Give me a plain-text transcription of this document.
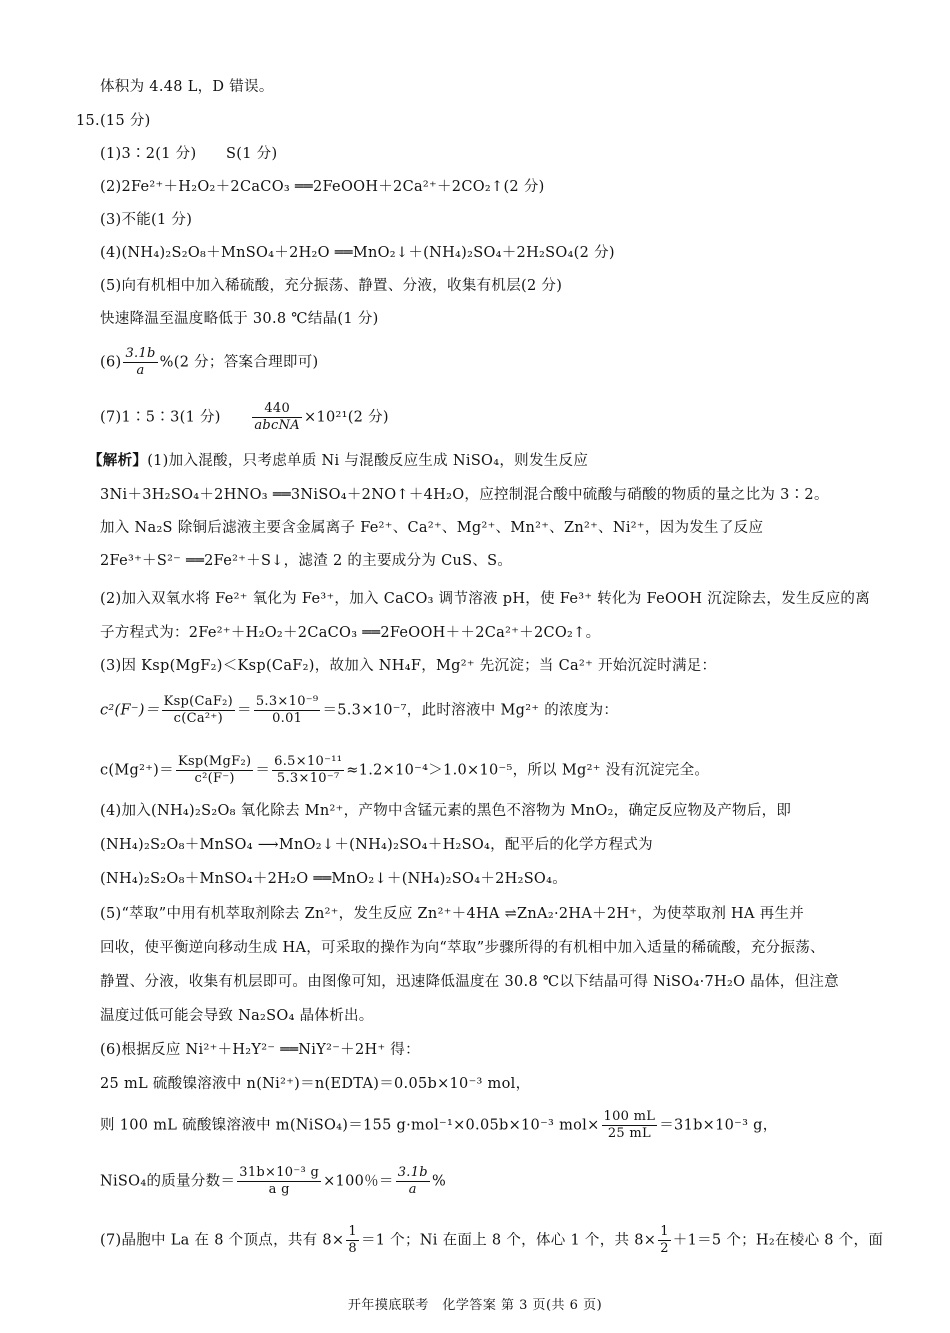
体积为 4.48 L，D 错误。
15.(15 分)
(1)3∶2(1 分)　　S(1 分)
(2)2Fe²⁺＋H₂O₂＋2CaCO₃ ══2FeOOH＋2Ca²⁺＋2CO₂↑(2 分)
(3)不能(1 分)
(4)(NH₄)₂S₂O₈＋MnSO₄＋2H₂O ══MnO₂↓＋(NH₄)₂SO₄＋2H₂SO₄(2 分)
(5)向有机相中加入稀硫酸，充分振荡、静置、分液，收集有机层(2 分)
快速降温至温度略低于 30.8 ℃结晶(1 分)
$(6) \frac{3.1b}{a} \%(2$ 分；答案合理即可)
(7)1∶5∶3(1 分)　　 $\frac{440}{\text{abcNA}} \times 10^{21}(2$ 分)
【解析】(1)加入混酸，只考虑单质 Ni 与混酸反应生成 NiSO₄，则发生反应
3Ni＋3H₂SO₄＋2HNO₃ ══3NiSO₄＋2NO↑＋4H₂O，应控制混合酸中硫酸与硝酸的物质的量之比为 3∶2。
加入 Na₂S 除铜后滤液主要含金属离子 Fe²⁺、Ca²⁺、Mg²⁺、Mn²⁺、Zn²⁺、Ni²⁺，因为发生了反应
2Fe³⁺＋S²⁻ ══2Fe²⁺＋S↓，滤渣 2 的主要成分为 CuS、S。
(2)加入双氧水将 Fe²⁺ 氧化为 Fe³⁺，加入 CaCO₃ 调节溶液 pH，使 Fe³⁺ 转化为 FeOOH 沉淀除去，发生反应的离
子方程式为：2Fe²⁺＋H₂O₂＋2CaCO₃ ══2FeOOH＋＋2Ca²⁺＋2CO₂↑。
(3)因 Ksp(MgF₂)＜Ksp(CaF₂)，故加入 NH₄F，Mg²⁺ 先沉淀；当 Ca²⁺ 开始沉淀时满足：
$c^2(F^-)= \frac{\text{Ksp(CaF₂)}}{\text{c(Ca²⁺)}} = \frac{\text{5.3×10⁻⁹}}{0.01} =5.3\times 10^{-7}$，此时溶液中 Mg²⁺ 的浓度为：
$c(Mg^{2+})= \frac{\text{Ksp(MgF₂)}}{\text{c²(F⁻)}} = \frac{\text{6.5×10⁻¹¹}}{\text{5.3×10⁻⁷}} \approx 1.2\times 10^{-4}>1.0\times 10^{-5}$，所以 Mg²⁺ 没有沉淀完全。
(4)加入(NH₄)₂S₂O₈ 氧化除去 Mn²⁺，产物中含锰元素的黑色不溶物为 MnO₂，确定反应物及产物后，即
(NH₄)₂S₂O₈＋MnSO₄ ⟶MnO₂↓＋(NH₄)₂SO₄＋H₂SO₄，配平后的化学方程式为
(NH₄)₂S₂O₈＋MnSO₄＋2H₂O ══MnO₂↓＋(NH₄)₂SO₄＋2H₂SO₄。
(5)“萃取”中用有机萃取剂除去 Zn²⁺，发生反应 Zn²⁺＋4HA ⇌ZnA₂·2HA＋2H⁺，为使萃取剂 HA 再生并
回收，使平衡逆向移动生成 HA，可采取的操作为向“萃取”步骤所得的有机相中加入适量的稀硫酸，充分振荡、
静置、分液，收集有机层即可。由图像可知，迅速降低温度在 30.8 ℃以下结晶可得 NiSO₄·7H₂O 晶体，但注意
温度过低可能会导致 Na₂SO₄ 晶体析出。
(6)根据反应 Ni²⁺＋H₂Y²⁻ ══NiY²⁻＋2H⁺ 得：
25 mL 硫酸镍溶液中 n(Ni²⁺)＝n(EDTA)＝0.05b×10⁻³ mol，
则 100 mL 硫酸镍溶液中 m(NiSO₄)＝155 g·mol⁻¹×0.05b×10⁻³ $mol\times \frac{100 mL}{25 mL} =31b\times 10^{-3}$ g，
NiSO₄的质量分数＝ $\frac{\text{31b×10⁻³ g}}{\text{a g}} \times 100$％＝ $\frac{3.1b}{a}$ %
(7)晶胞中 La 在 8 个顶点，共有 $8\times \frac{1}{8} =1$ 个；Ni 在面上 8 个，体心 1 个，共 $8\times \frac{1}{2} +1=5$ 个；H₂在棱心 8 个，面
开年摸底联考　化学答案 第 3 页(共 6 页)
